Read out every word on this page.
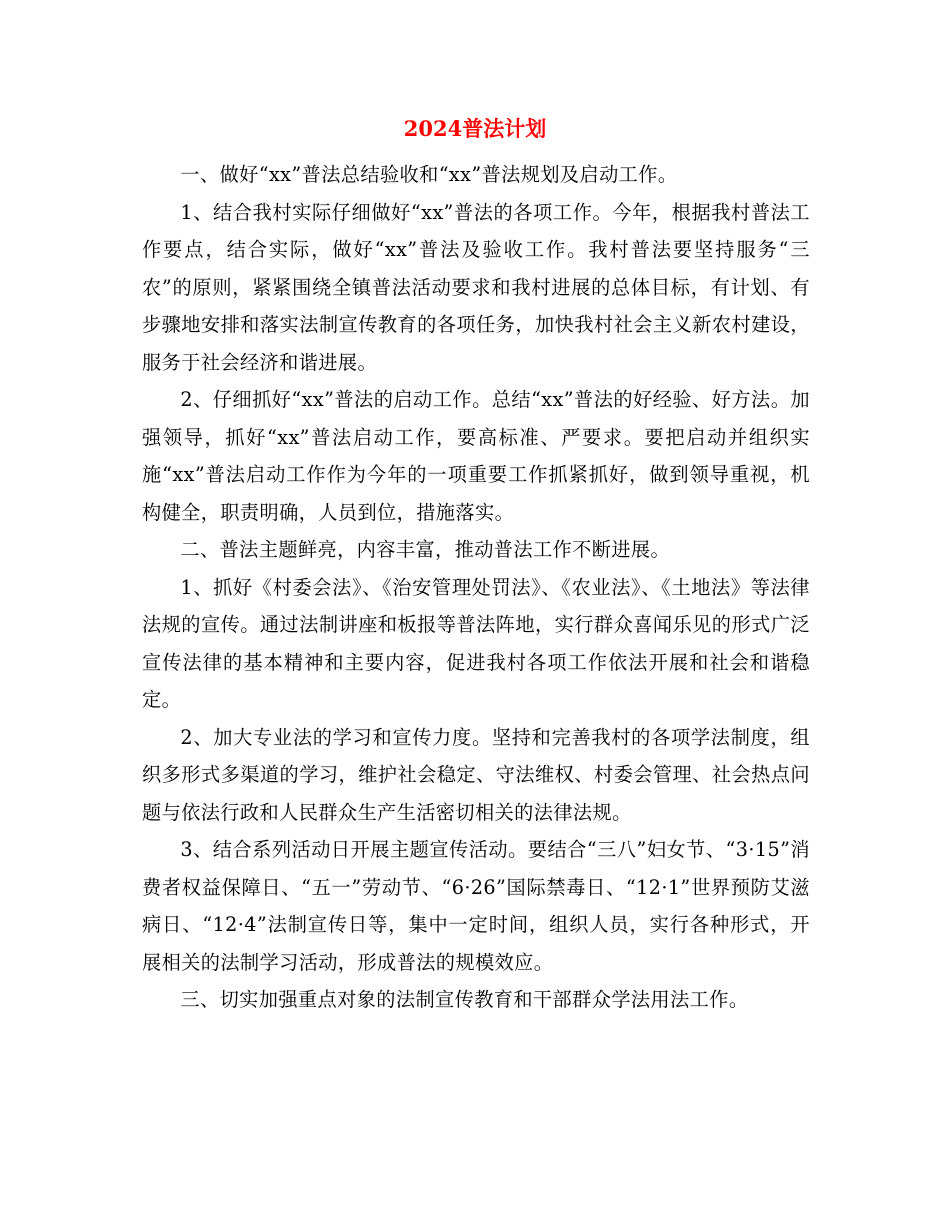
2024普法计划

一、做好“xx”普法总结验收和“xx”普法规划及启动工作。

1、结合我村实际仔细做好“xx”普法的各项工作。今年，根据我村普法工作要点，结合实际，做好“xx”普法及验收工作。我村普法要坚持服务“三农”的原则，紧紧围绕全镇普法活动要求和我村进展的总体目标，有计划、有步骤地安排和落实法制宣传教育的各项任务，加快我村社会主义新农村建设，服务于社会经济和谐进展。

2、仔细抓好“xx”普法的启动工作。总结“xx”普法的好经验、好方法。加强领导，抓好“xx”普法启动工作，要高标准、严要求。要把启动并组织实施“xx”普法启动工作作为今年的一项重要工作抓紧抓好，做到领导重视，机构健全，职责明确，人员到位，措施落实。

二、普法主题鲜亮，内容丰富，推动普法工作不断进展。

1、抓好《村委会法》、《治安管理处罚法》、《农业法》、《土地法》等法律法规的宣传。通过法制讲座和板报等普法阵地，实行群众喜闻乐见的形式广泛宣传法律的基本精神和主要内容，促进我村各项工作依法开展和社会和谐稳定。

2、加大专业法的学习和宣传力度。坚持和完善我村的各项学法制度，组织多形式多渠道的学习，维护社会稳定、守法维权、村委会管理、社会热点问题与依法行政和人民群众生产生活密切相关的法律法规。

3、结合系列活动日开展主题宣传活动。要结合“三八”妇女节、“3·15”消费者权益保障日、“五一”劳动节、“6·26”国际禁毒日、“12·1”世界预防艾滋病日、“12·4”法制宣传日等，集中一定时间，组织人员，实行各种形式，开展相关的法制学习活动，形成普法的规模效应。

三、切实加强重点对象的法制宣传教育和干部群众学法用法工作。
